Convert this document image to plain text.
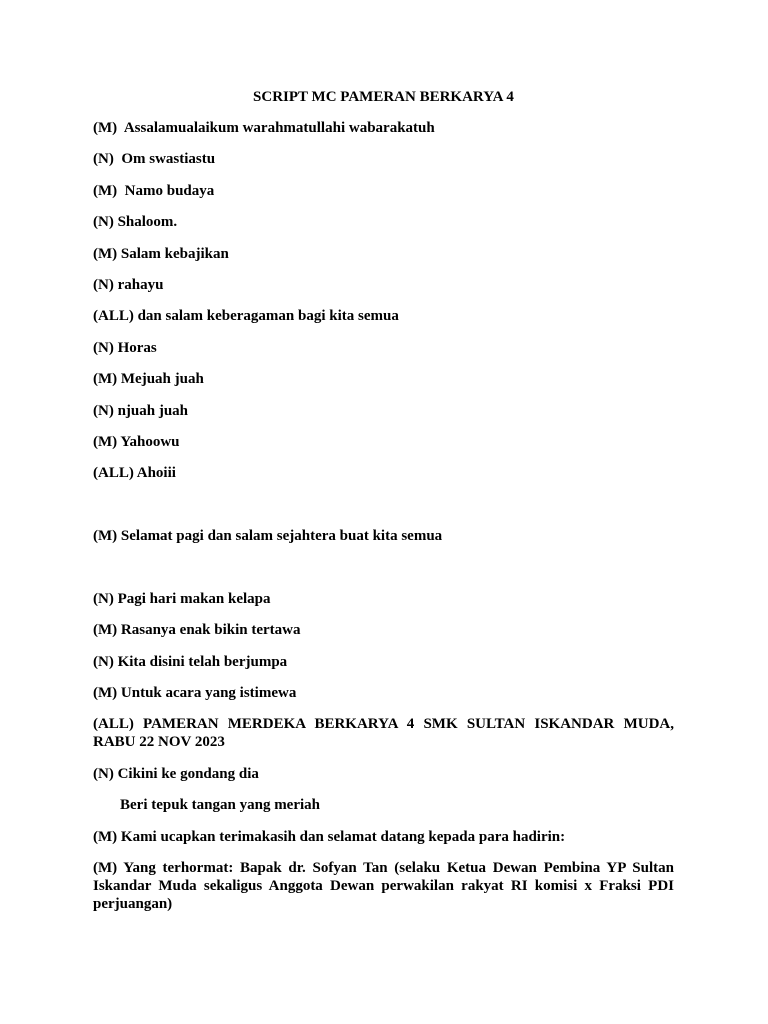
SCRIPT MC PAMERAN BERKARYA 4
(M)  Assalamualaikum warahmatullahi wabarakatuh
(N)  Om swastiastu
(M)  Namo budaya
(N) Shaloom.
(M) Salam kebajikan
(N) rahayu
(ALL) dan salam keberagaman bagi kita semua
(N) Horas
(M) Mejuah juah
(N) njuah juah
(M) Yahoowu
(ALL) Ahoiii
(M) Selamat pagi dan salam sejahtera buat kita semua
(N) Pagi hari makan kelapa
(M) Rasanya enak bikin tertawa
(N) Kita disini telah berjumpa
(M) Untuk acara yang istimewa
(ALL) PAMERAN MERDEKA BERKARYA 4 SMK SULTAN ISKANDAR MUDA, RABU 22 NOV 2023
(N) Cikini ke gondang dia
Beri tepuk tangan yang meriah
(M) Kami ucapkan terimakasih dan selamat datang kepada para hadirin:
(M) Yang terhormat: Bapak dr. Sofyan Tan (selaku Ketua Dewan Pembina YP Sultan Iskandar Muda sekaligus Anggota Dewan perwakilan rakyat RI komisi x Fraksi PDI perjuangan)
